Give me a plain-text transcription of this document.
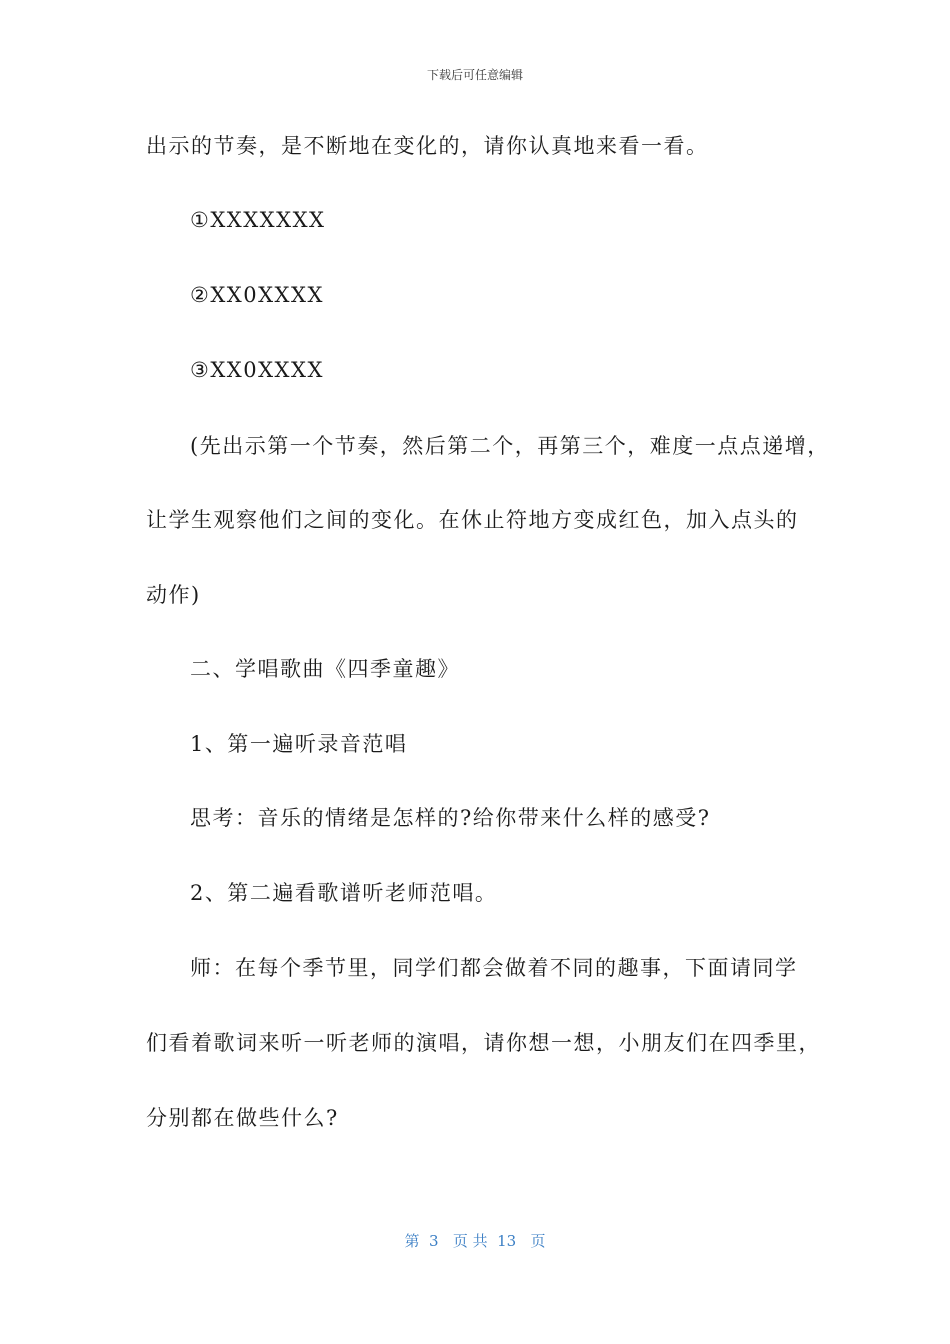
下载后可任意编辑
出示的节奏，是不断地在变化的，请你认真地来看一看。
①XXXXXXX
②XX0XXXX
③XX0XXXX
(先出示第一个节奏，然后第二个，再第三个，难度一点点递增，
让学生观察他们之间的变化。在休止符地方变成红色，加入点头的
动作)
二、学唱歌曲《四季童趣》
1、第一遍听录音范唱
思考：音乐的情绪是怎样的?给你带来什么样的感受?
2、第二遍看歌谱听老师范唱。
师：在每个季节里，同学们都会做着不同的趣事，下面请同学
们看着歌词来听一听老师的演唱，请你想一想，小朋友们在四季里，
分别都在做些什么?
第  3   页 共  13   页
